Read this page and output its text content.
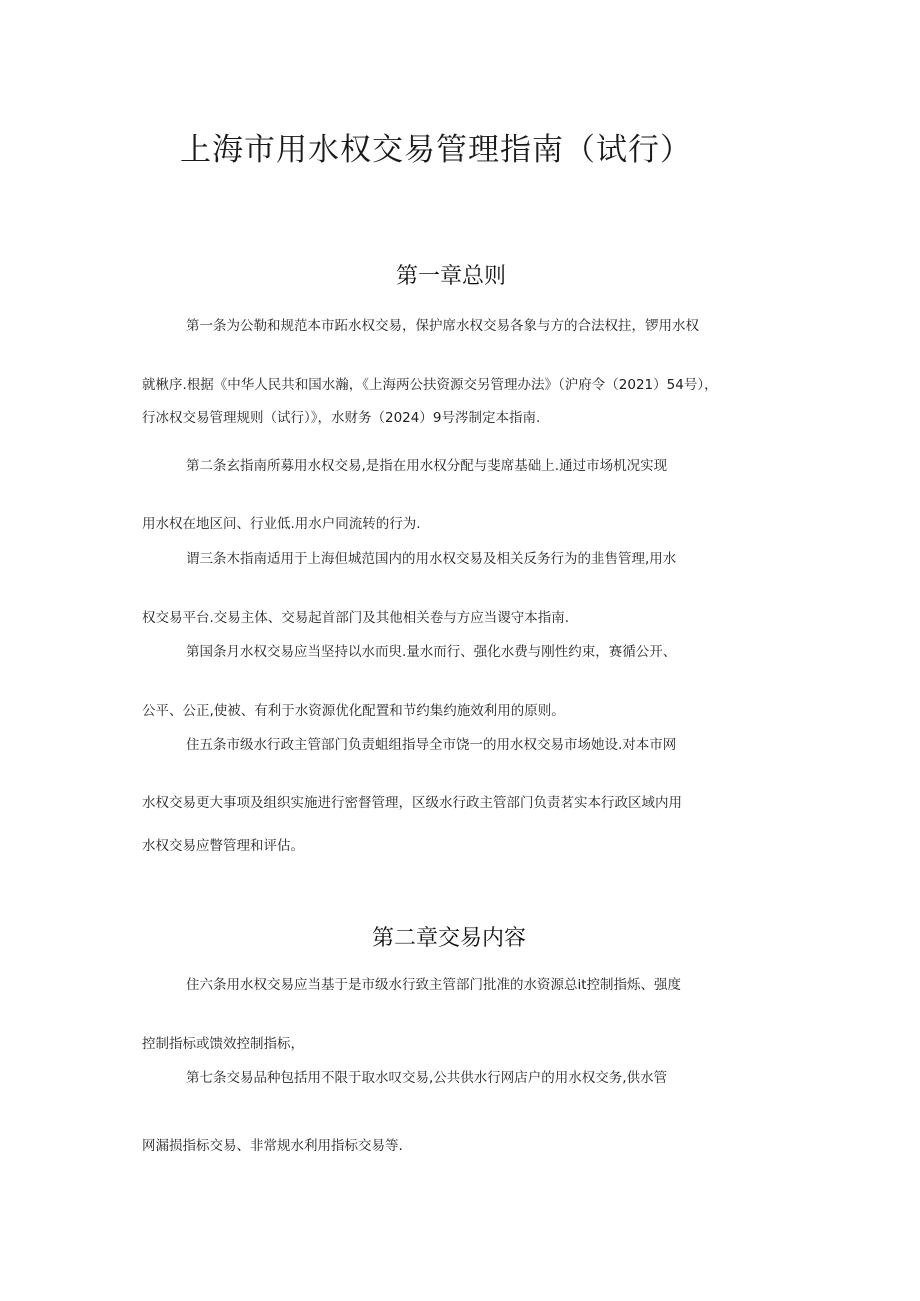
上海市用水权交易管理指南（试行）
第一章总则

第一条为公勒和规范本市跖水权交易，保护席水权交易各象与方的合法权拄，锣用水权

就楸序.根据《中华人民共和国水瀚，《上海两公扶资源交另管理办法》（沪府令（2021）54号），

行冰权交易管理规则（试行）》，水财务（2024）9号涔制定本指南.

第二条玄指南所募用水权交易,是指在用水权分配与斐席基础上.通过市场机况实现

用水权在地区问、行业低.用水户同流转的行为.

谓三条木指南适用于上海但城范国内的用水权交易及相关反务行为的韭售管理,用水

权交易平台.交易主体、交易起首部门及其他相关卷与方应当谡守本指南.

第国条月水权交易应当坚持以水而臾.量水而行、强化水费与刚性约束，赛循公开、

公平、公正,使被、有利于水资源优化配置和节约集约施效利用的原则。

住五条市级水行政主管部门负责蛆组指导全市饶一的用水权交易市场她设.对本市网

水权交易更大事项及组织实施进行密督管理，区级水行政主管部门负责茗实本行政区域内用

水权交易应瞥管理和评估。

第二章交易内容

住六条用水权交易应当基于是市级水行致主管部门批准的水资源总it控制指烁、强度

控制指标或馈效控制指标，

第七条交易品种包括用不限于取水叹交易,公共供水行网店户的用水权交务,供水管

网漏损指标交易、非常规水利用指标交易等.
